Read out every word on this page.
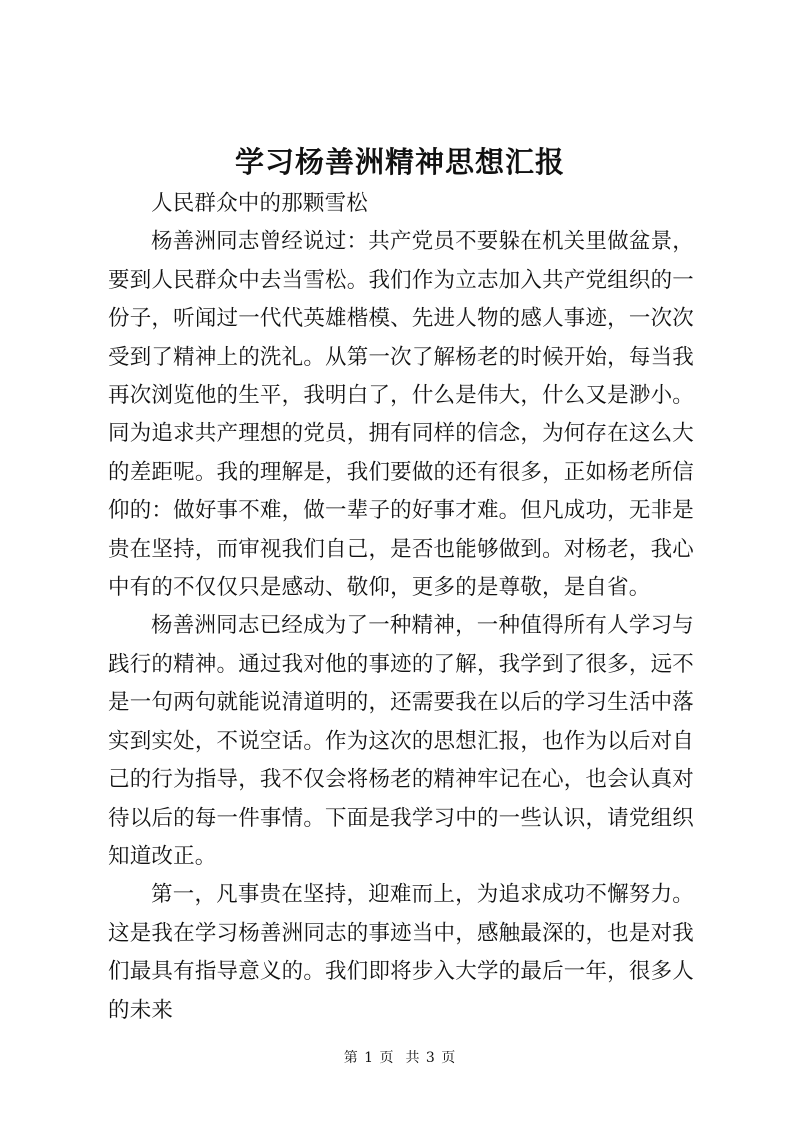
学习杨善洲精神思想汇报

人民群众中的那颗雪松

杨善洲同志曾经说过：共产党员不要躲在机关里做盆景，要到人民群众中去当雪松。我们作为立志加入共产党组织的一份子，听闻过一代代英雄楷模、先进人物的感人事迹，一次次受到了精神上的洗礼。从第一次了解杨老的时候开始，每当我再次浏览他的生平，我明白了，什么是伟大，什么又是渺小。同为追求共产理想的党员，拥有同样的信念，为何存在这么大的差距呢。我的理解是，我们要做的还有很多，正如杨老所信仰的：做好事不难，做一辈子的好事才难。但凡成功，无非是贵在坚持，而审视我们自己，是否也能够做到。对杨老，我心中有的不仅仅只是感动、敬仰，更多的是尊敬，是自省。

杨善洲同志已经成为了一种精神，一种值得所有人学习与践行的精神。通过我对他的事迹的了解，我学到了很多，远不是一句两句就能说清道明的，还需要我在以后的学习生活中落实到实处，不说空话。作为这次的思想汇报，也作为以后对自己的行为指导，我不仅会将杨老的精神牢记在心，也会认真对待以后的每一件事情。下面是我学习中的一些认识，请党组织知道改正。

第一，凡事贵在坚持，迎难而上，为追求成功不懈努力。这是我在学习杨善洲同志的事迹当中，感触最深的，也是对我们最具有指导意义的。我们即将步入大学的最后一年，很多人的未来

第 1 页  共 3 页
